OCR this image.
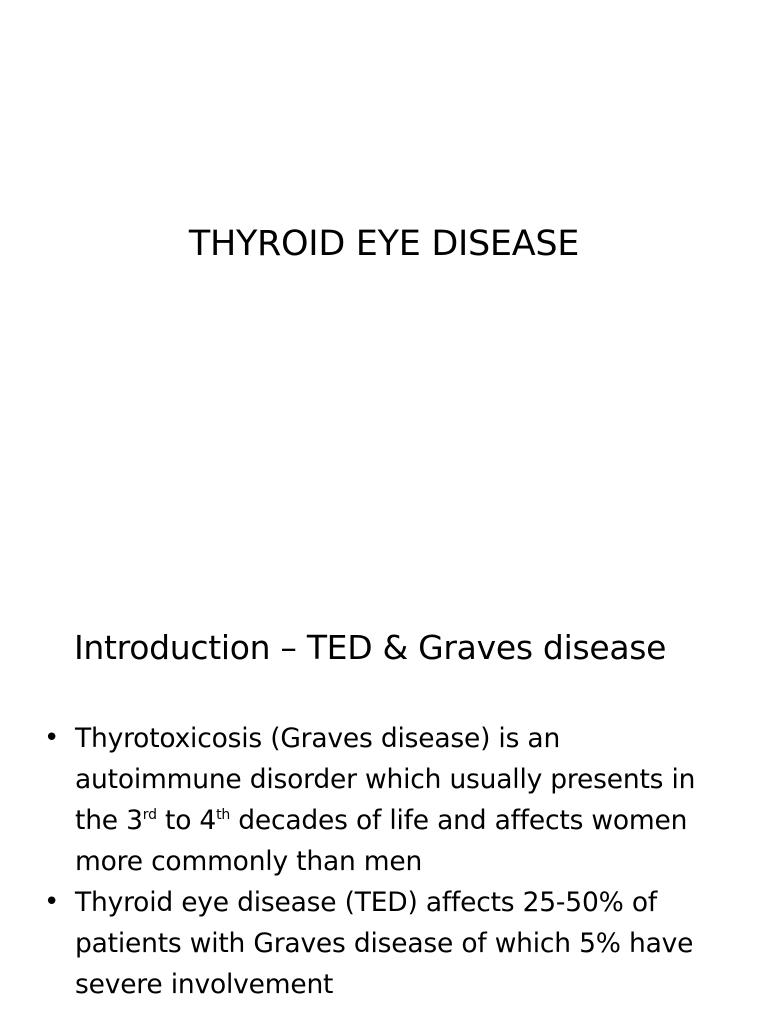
THYROID EYE DISEASE
Introduction – TED & Graves disease
• Thyrotoxicosis (Graves disease) is an autoimmune disorder which usually presents in the 3rd to 4th decades of life and affects women more commonly than men
• Thyroid eye disease (TED) affects 25-50% of patients with Graves disease of which 5% have severe involvement
